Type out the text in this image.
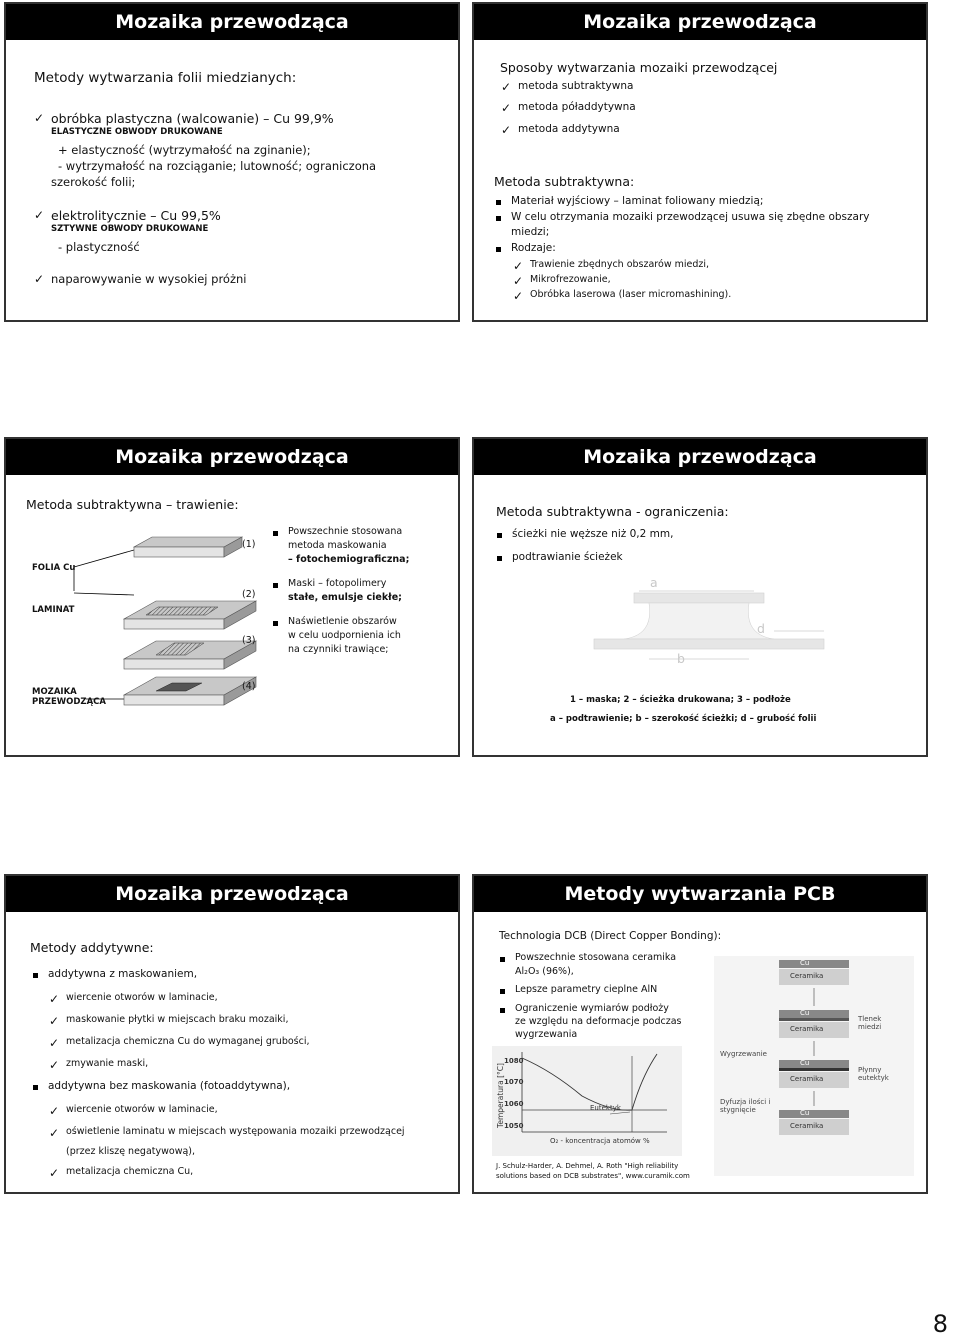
Mozaika przewodząca
Metody wytwarzania folii miedzianych:
✓ obróbka plastyczna (walcowanie) – Cu 99,9%
ELASTYCZNE OBWODY DRUKOWANE
+ elastyczność (wytrzymałość na zginanie);
- wytrzymałość na rozciąganie; lutowność; ograniczona
szerokość folii;
✓ elektrolitycznie – Cu 99,5%
SZTYWNE OBWODY DRUKOWANE
- plastyczność
✓ naparowywanie w wysokiej próżni
Mozaika przewodząca
Sposoby wytwarzania mozaiki przewodzącej
✓ metoda subtraktywna
✓ metoda póładdytywna
✓ metoda addytywna
Metoda subtraktywna:
Materiał wyjściowy – laminat foliowany miedzią;
W celu otrzymania mozaiki przewodzącej usuwa się zbędne obszary
miedzi;
Rodzaje:
✓ Trawienie zbędnych obszarów miedzi,
✓ Mikrofrezowanie,
✓ Obróbka laserowa (laser micromashining).
Mozaika przewodząca
Metoda subtraktywna – trawienie:
FOLIA Cu
LAMINAT
MOZAIKA
PRZEWODZĄCA
(1)
(2)
(3)
(4)
Powszechnie stosowana
metoda maskowania
– fotochemiograficzna;
Maski – fotopolimery
stałe, emulsje ciekłe;
Naświetlenie obszarów
w celu uodpornienia ich
na czynniki trawiące;
Mozaika przewodząca
Metoda subtraktywna - ograniczenia:
ścieżki nie węższe niż 0,2 mm,
podtrawianie ścieżek
a
d
b
1 – maska; 2 – ścieżka drukowana; 3 – podłoże
a – podtrawienie; b – szerokość ścieżki; d – grubość folii
Mozaika przewodząca
Metody addytywne:
addytywna z maskowaniem,
✓ wiercenie otworów w laminacie,
✓ maskowanie płytki w miejscach braku mozaiki,
✓ metalizacja chemiczna Cu do wymaganej grubości,
✓ zmywanie maski,
addytywna bez maskowania (fotoaddytywna),
✓ wiercenie otworów w laminacie,
✓ oświetlenie laminatu w miejscach występowania mozaiki przewodzącej
(przez kliszę negatywową),
✓ metalizacja chemiczna Cu,
Metody wytwarzania PCB
Technologia DCB (Direct Copper Bonding):
Powszechnie stosowana ceramika
Al₂O₃ (96%),
Lepsze parametry cieplne AlN
Ograniczenie wymiarów podłoży
ze względu na deformacje podczas
wygrzewania
Temperatura [°C]
1080
1070
1060
1050
Eutektyk
O₂ - koncentracja atomów %
Cu
Ceramika
Cu
Ceramika
Cu
Ceramika
Cu
Ceramika
Tlenek miedzi
Wygrzewanie
Płynny eutektyk
Dyfuzja ilości i stygnięcie
J. Schulz-Harder, A. Dehmel, A. Roth "High reliability
solutions based on DCB substrates", www.curamik.com
8
